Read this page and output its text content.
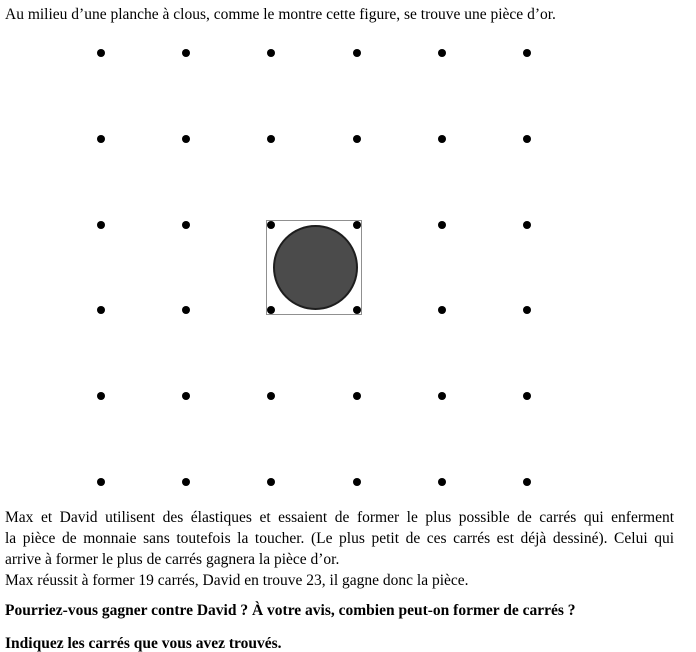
Au milieu d’une planche à clous, comme le montre cette figure, se trouve une pièce d’or.
Max et David utilisent des élastiques et essaient de former le plus possible de carrés qui enferment
la pièce de monnaie sans toutefois la toucher. (Le plus petit de ces carrés est déjà dessiné). Celui qui
arrive à former le plus de carrés gagnera la pièce d’or.
Max réussit à former 19 carrés, David en trouve 23, il gagne donc la pièce.
Pourriez-vous gagner contre David ? À votre avis, combien peut-on former de carrés ?
Indiquez les carrés que vous avez trouvés.
